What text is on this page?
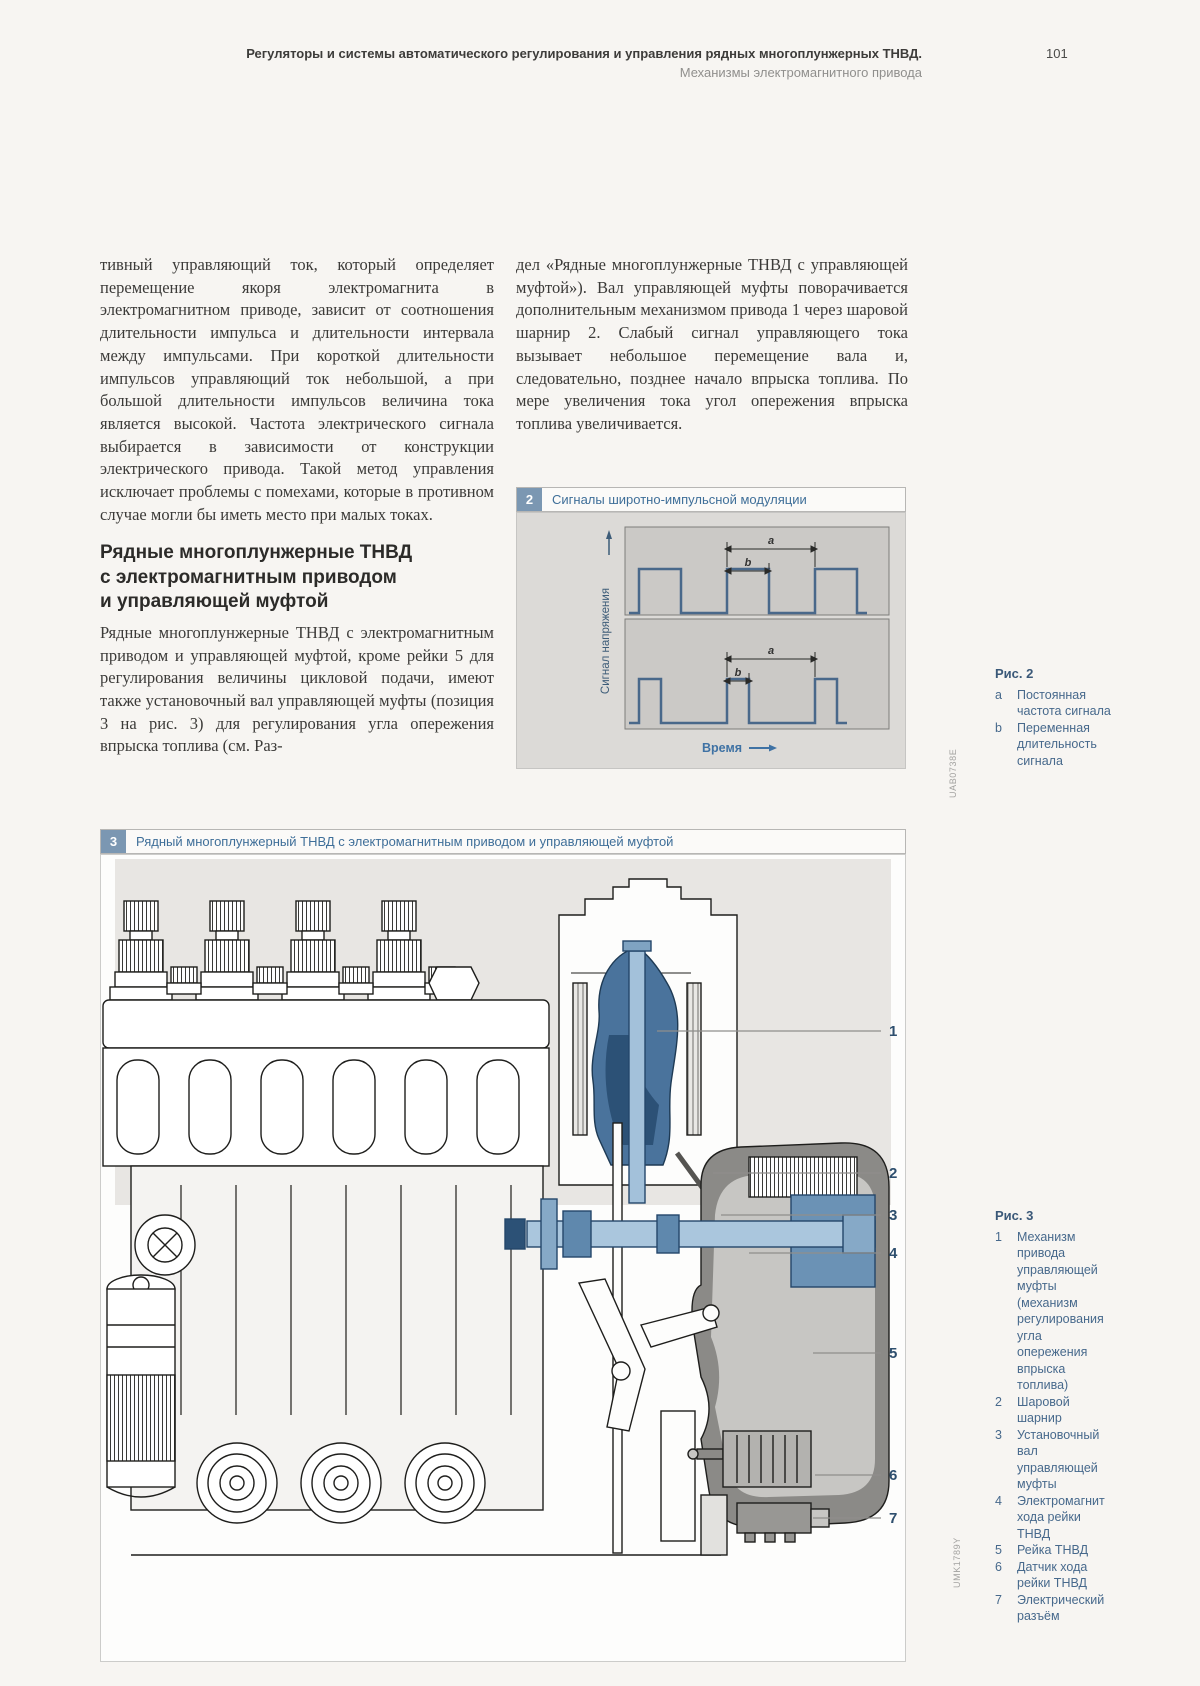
Регуляторы и системы автоматического регулирования и управления рядных многоплунжерных ТНВД.
Механизмы электромагнитного привода
101
тивный управляющий ток, который определяет перемещение якоря электромагнита в электромагнитном приводе, зависит от соотношения длительности импульса и длительности интервала между импульсами. При короткой длительности импульсов управляющий ток небольшой, а при большой длительности импульсов величина тока является высокой. Частота электрического сигнала выбирается в зависимости от конструкции электрического привода. Такой метод управления исключает проблемы с помехами, которые в противном случае могли бы иметь место при малых токах.
Рядные многоплунжерные ТНВД
с электромагнитным приводом
и управляющей муфтой
Рядные многоплунжерные ТНВД с электромагнитным приводом и управляющей муфтой, кроме рейки 5 для регулирования величины цикловой подачи, имеют также установочный вал управляющей муфты (позиция 3 на рис. 3) для регулирования угла опережения впрыска топлива (см. Раз-
дел «Рядные многоплунжерные ТНВД с управляющей муфтой»). Вал управляющей муфты поворачивается дополнительным механизмом привода 1 через шаровой шарнир 2. Слабый сигнал управляющего тока вызывает небольшое перемещение вала и, следовательно, позднее начало впрыска топлива. По мере увеличения тока угол опережения впрыска топлива увеличивается.
2	Сигналы широтно-импульсной модуляции
a
b
a
b
Сигнал напряжения
Время
UAB0738E
Рис. 2
a	Постоянная частота сигнала
b	Переменная длительность сигнала
3	Рядный многоплунжерный ТНВД с электромагнитным приводом и управляющей муфтой
1
2
3
4
5
6
7
UMK1789Y
Рис. 3
1	Механизм привода управляющей муфты (механизм регулирования угла опережения впрыска топлива)
2	Шаровой шарнир
3	Установочный вал управляющей муфты
4	Электромагнит хода рейки ТНВД
5	Рейка ТНВД
6	Датчик хода рейки ТНВД
7	Электрический разъём
